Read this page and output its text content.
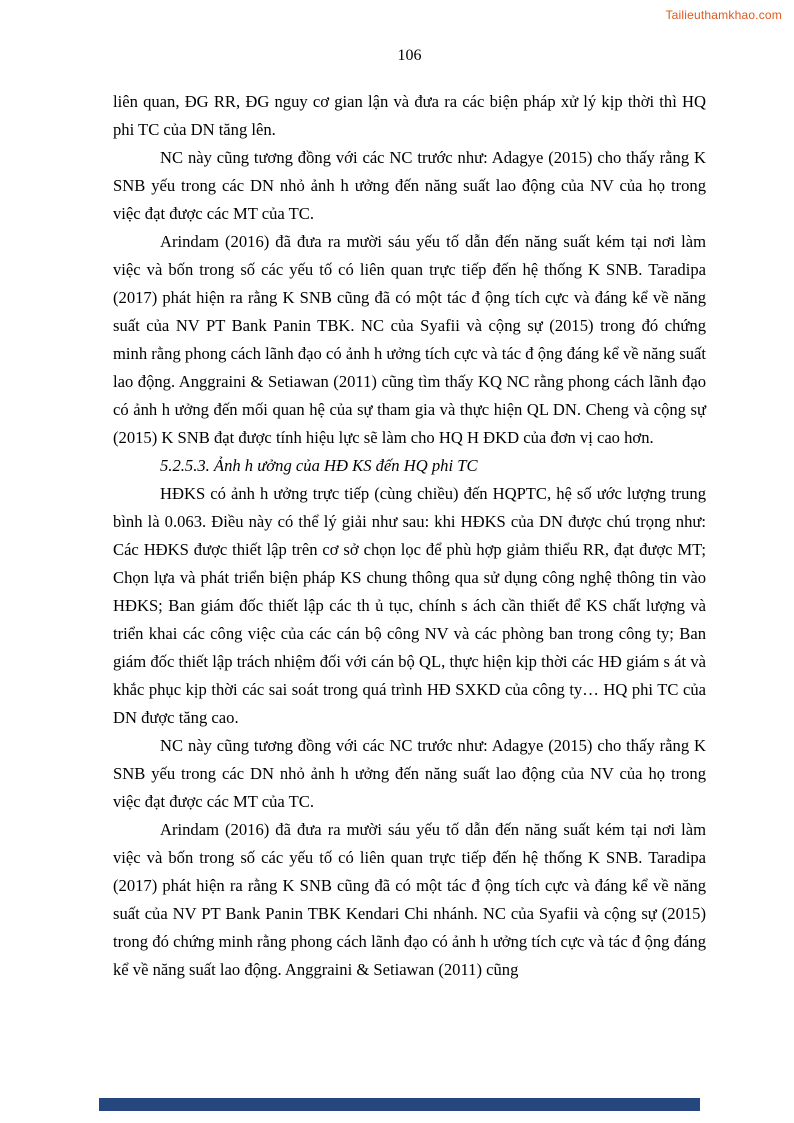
Tailieuthamkhao.com
106

liên quan, ĐG RR, ĐG nguy cơ gian lận và đưa ra các biện pháp xử lý kịp thời thì HQ phi TC của DN tăng lên.

NC này cũng tương đồng với các NC trước như: Adagye (2015) cho thấy rằng K SNB yếu trong các DN nhỏ ảnh h ưởng đến năng suất lao động của NV của họ trong việc đạt được các MT của TC.

Arindam (2016) đã đưa ra mười sáu yếu tố dẫn đến năng suất kém tại nơi làm việc và bốn trong số các yếu tố có liên quan trực tiếp đến hệ thống K SNB. Taradipa (2017) phát hiện ra rằng K SNB cũng đã có một tác đ ộng tích cực và đáng kể về năng suất của NV PT Bank Panin TBK. NC của Syafii và cộng sự (2015) trong đó chứng minh rằng phong cách lãnh đạo có ảnh h ưởng tích cực và tác đ ộng đáng kể về năng suất lao động. Anggraini & Setiawan (2011) cũng tìm thấy KQ NC rằng phong cách lãnh đạo có ảnh h ưởng đến mối quan hệ của sự tham gia và thực hiện QL DN. Cheng và cộng sự (2015) K SNB đạt được tính hiệu lực sẽ làm cho HQ H ĐKD của đơn vị cao hơn.

5.2.5.3. Ảnh h ưởng của HĐ KS đến HQ phi TC

HĐKS có ảnh h ưởng trực tiếp (cùng chiều) đến HQPTC, hệ số ước lượng trung bình là 0.063. Điều này có thể lý giải như sau: khi HĐKS của DN được chú trọng như: Các HĐKS được thiết lập trên cơ sở chọn lọc để phù hợp giảm thiểu RR, đạt được MT; Chọn lựa và phát triển biện pháp KS chung thông qua sử dụng công nghệ thông tin vào HĐKS; Ban giám đốc thiết lập các th ủ tục, chính s ách cần thiết để KS chất lượng và triển khai các công việc của các cán bộ công NV và các phòng ban trong công ty; Ban giám đốc thiết lập trách nhiệm đối với cán bộ QL, thực hiện kịp thời các HĐ giám s át và khắc phục kịp thời các sai soát trong quá trình HĐ SXKD của công ty… HQ phi TC của DN được tăng cao.

NC này cũng tương đồng với các NC trước như: Adagye (2015) cho thấy rằng K SNB yếu trong các DN nhỏ ảnh h ưởng đến năng suất lao động của NV của họ trong việc đạt được các MT của TC.

Arindam (2016) đã đưa ra mười sáu yếu tố dẫn đến năng suất kém tại nơi làm việc và bốn trong số các yếu tố có liên quan trực tiếp đến hệ thống K SNB. Taradipa (2017) phát hiện ra rằng K SNB cũng đã có một tác đ ộng tích cực và đáng kể về năng suất của NV PT Bank Panin TBK Kendari Chi nhánh. NC của Syafii và cộng sự (2015) trong đó chứng minh rằng phong cách lãnh đạo có ảnh h ưởng tích cực và tác đ ộng đáng kể về năng suất lao động. Anggraini & Setiawan (2011) cũng
